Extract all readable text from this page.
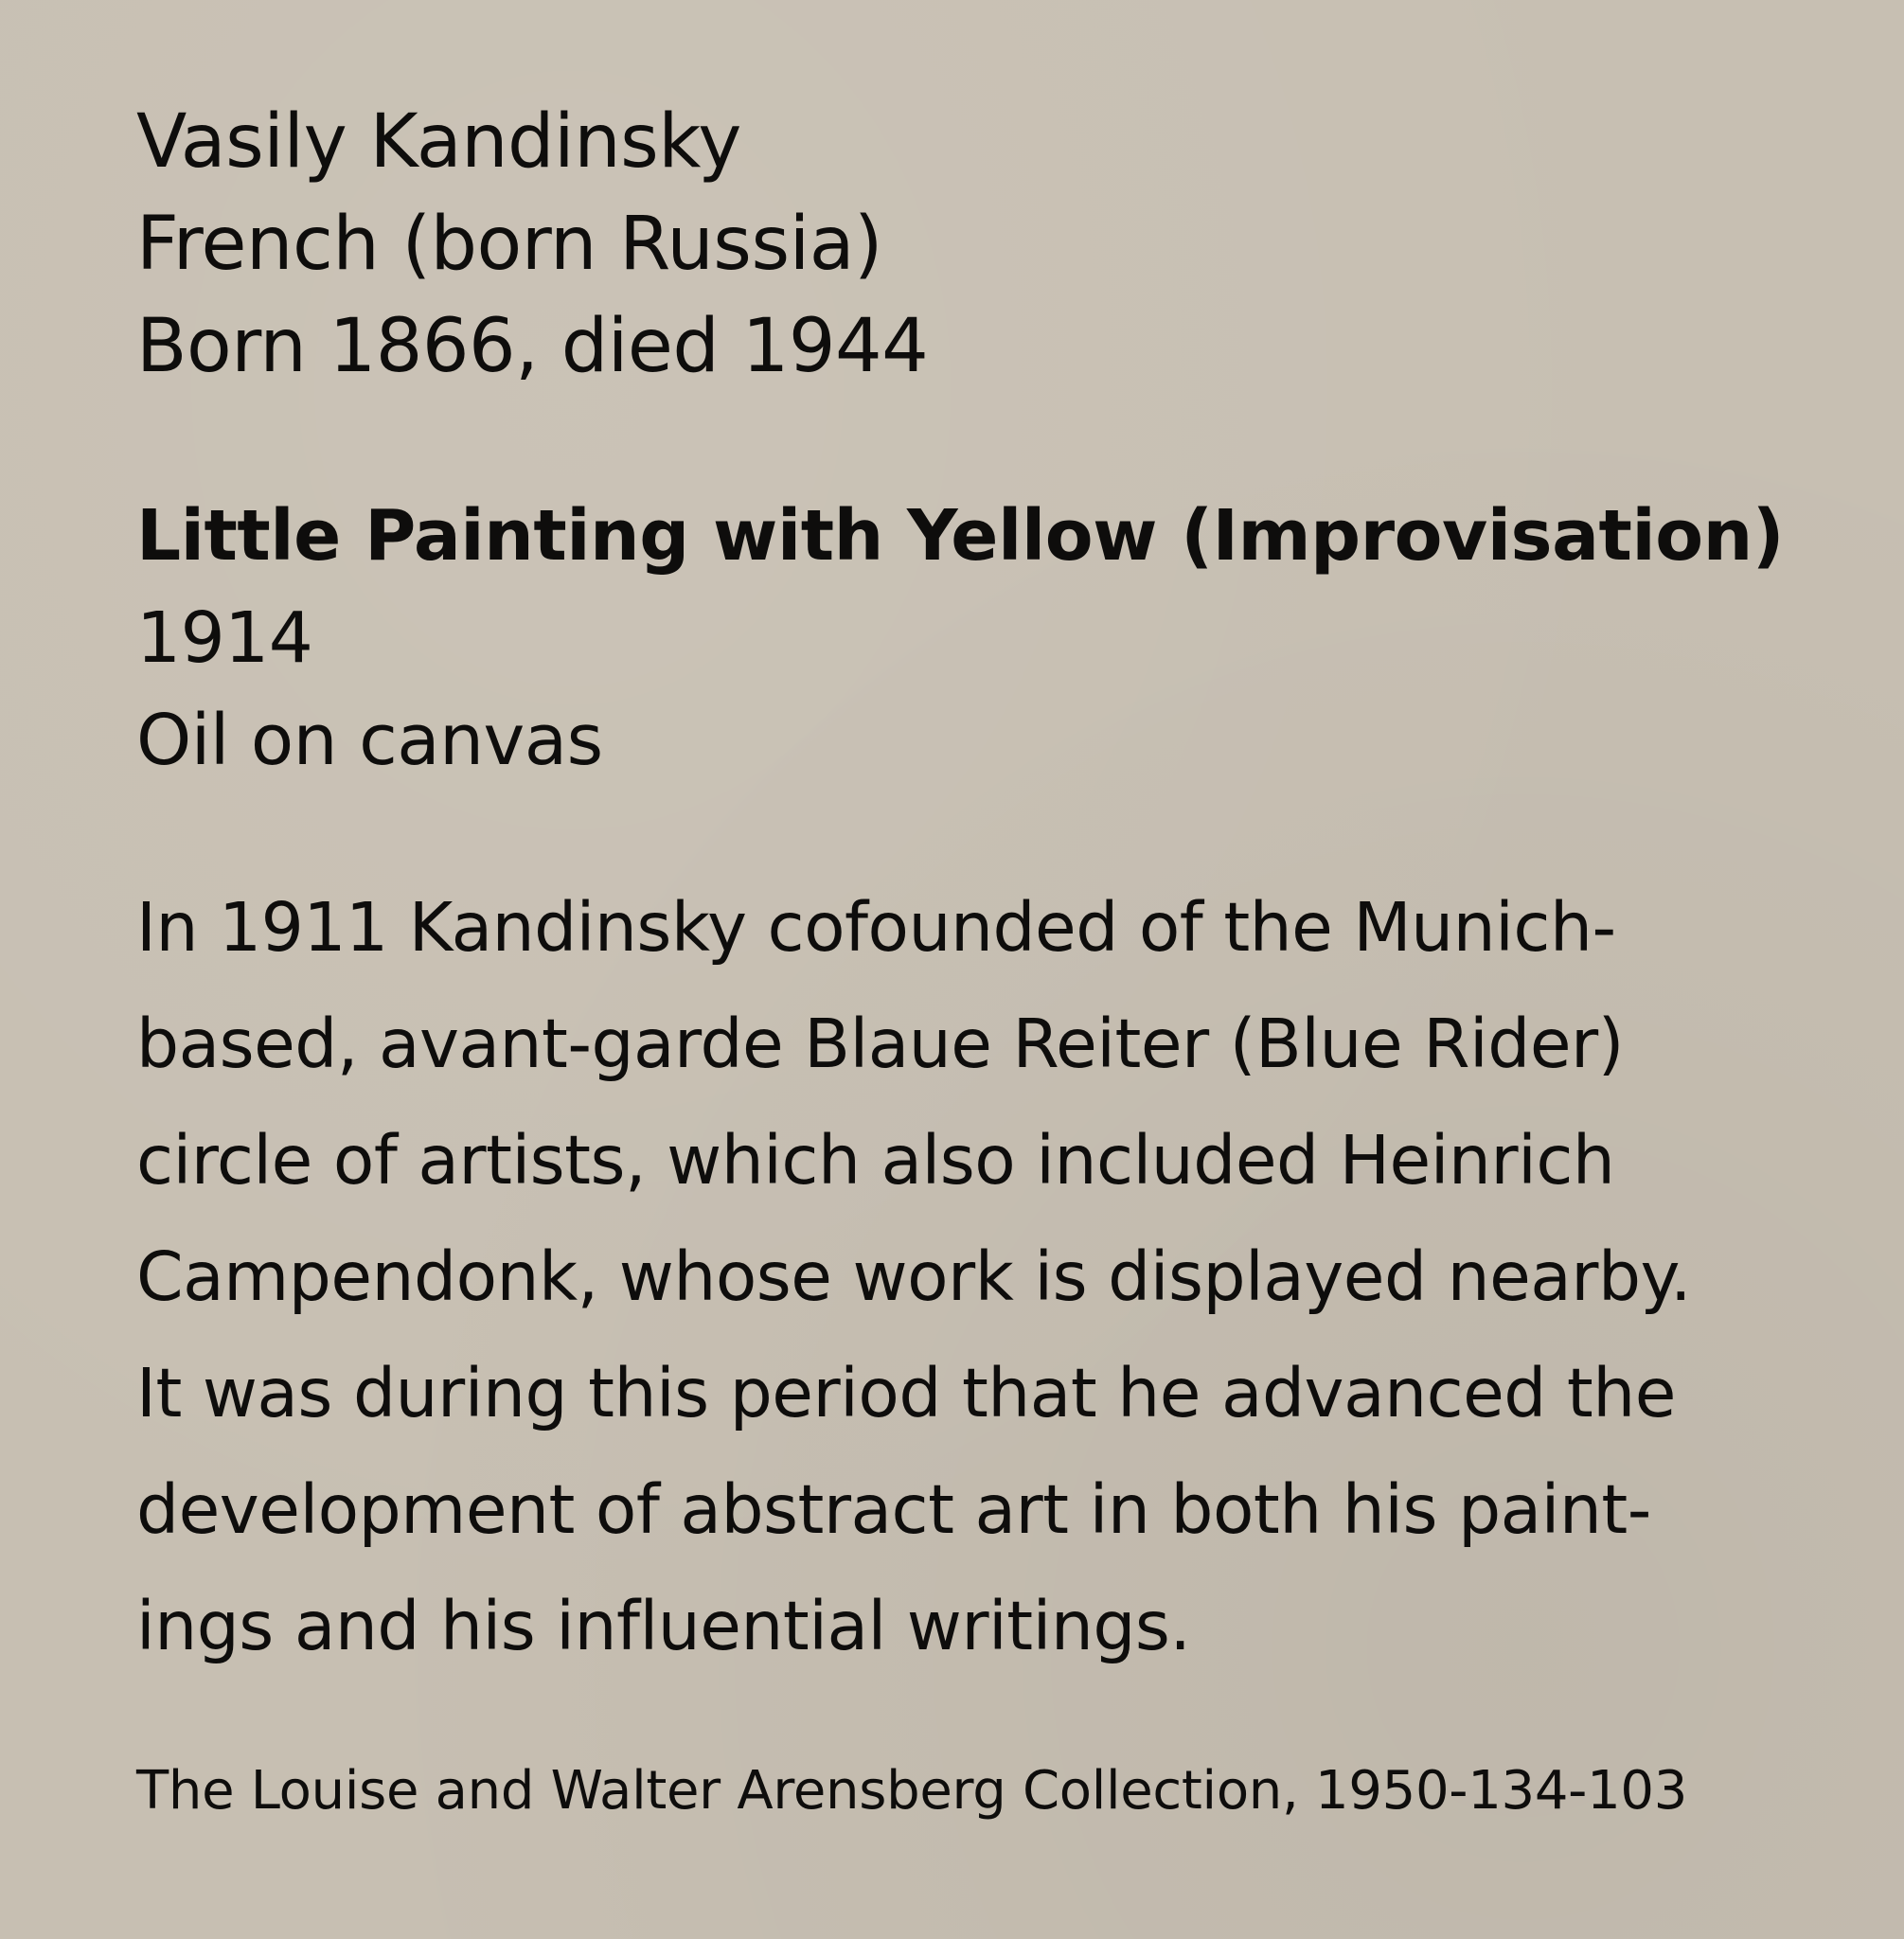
Vasily Kandinsky
French (born Russia)
Born 1866, died 1944
Little Painting with Yellow (Improvisation)
1914
Oil on canvas
In 1911 Kandinsky cofounded of the Munich-
based, avant-garde Blaue Reiter (Blue Rider)
circle of artists, which also included Heinrich
Campendonk, whose work is displayed nearby.
It was during this period that he advanced the
development of abstract art in both his paint-
ings and his influential writings.
The Louise and Walter Arensberg Collection, 1950-134-103
